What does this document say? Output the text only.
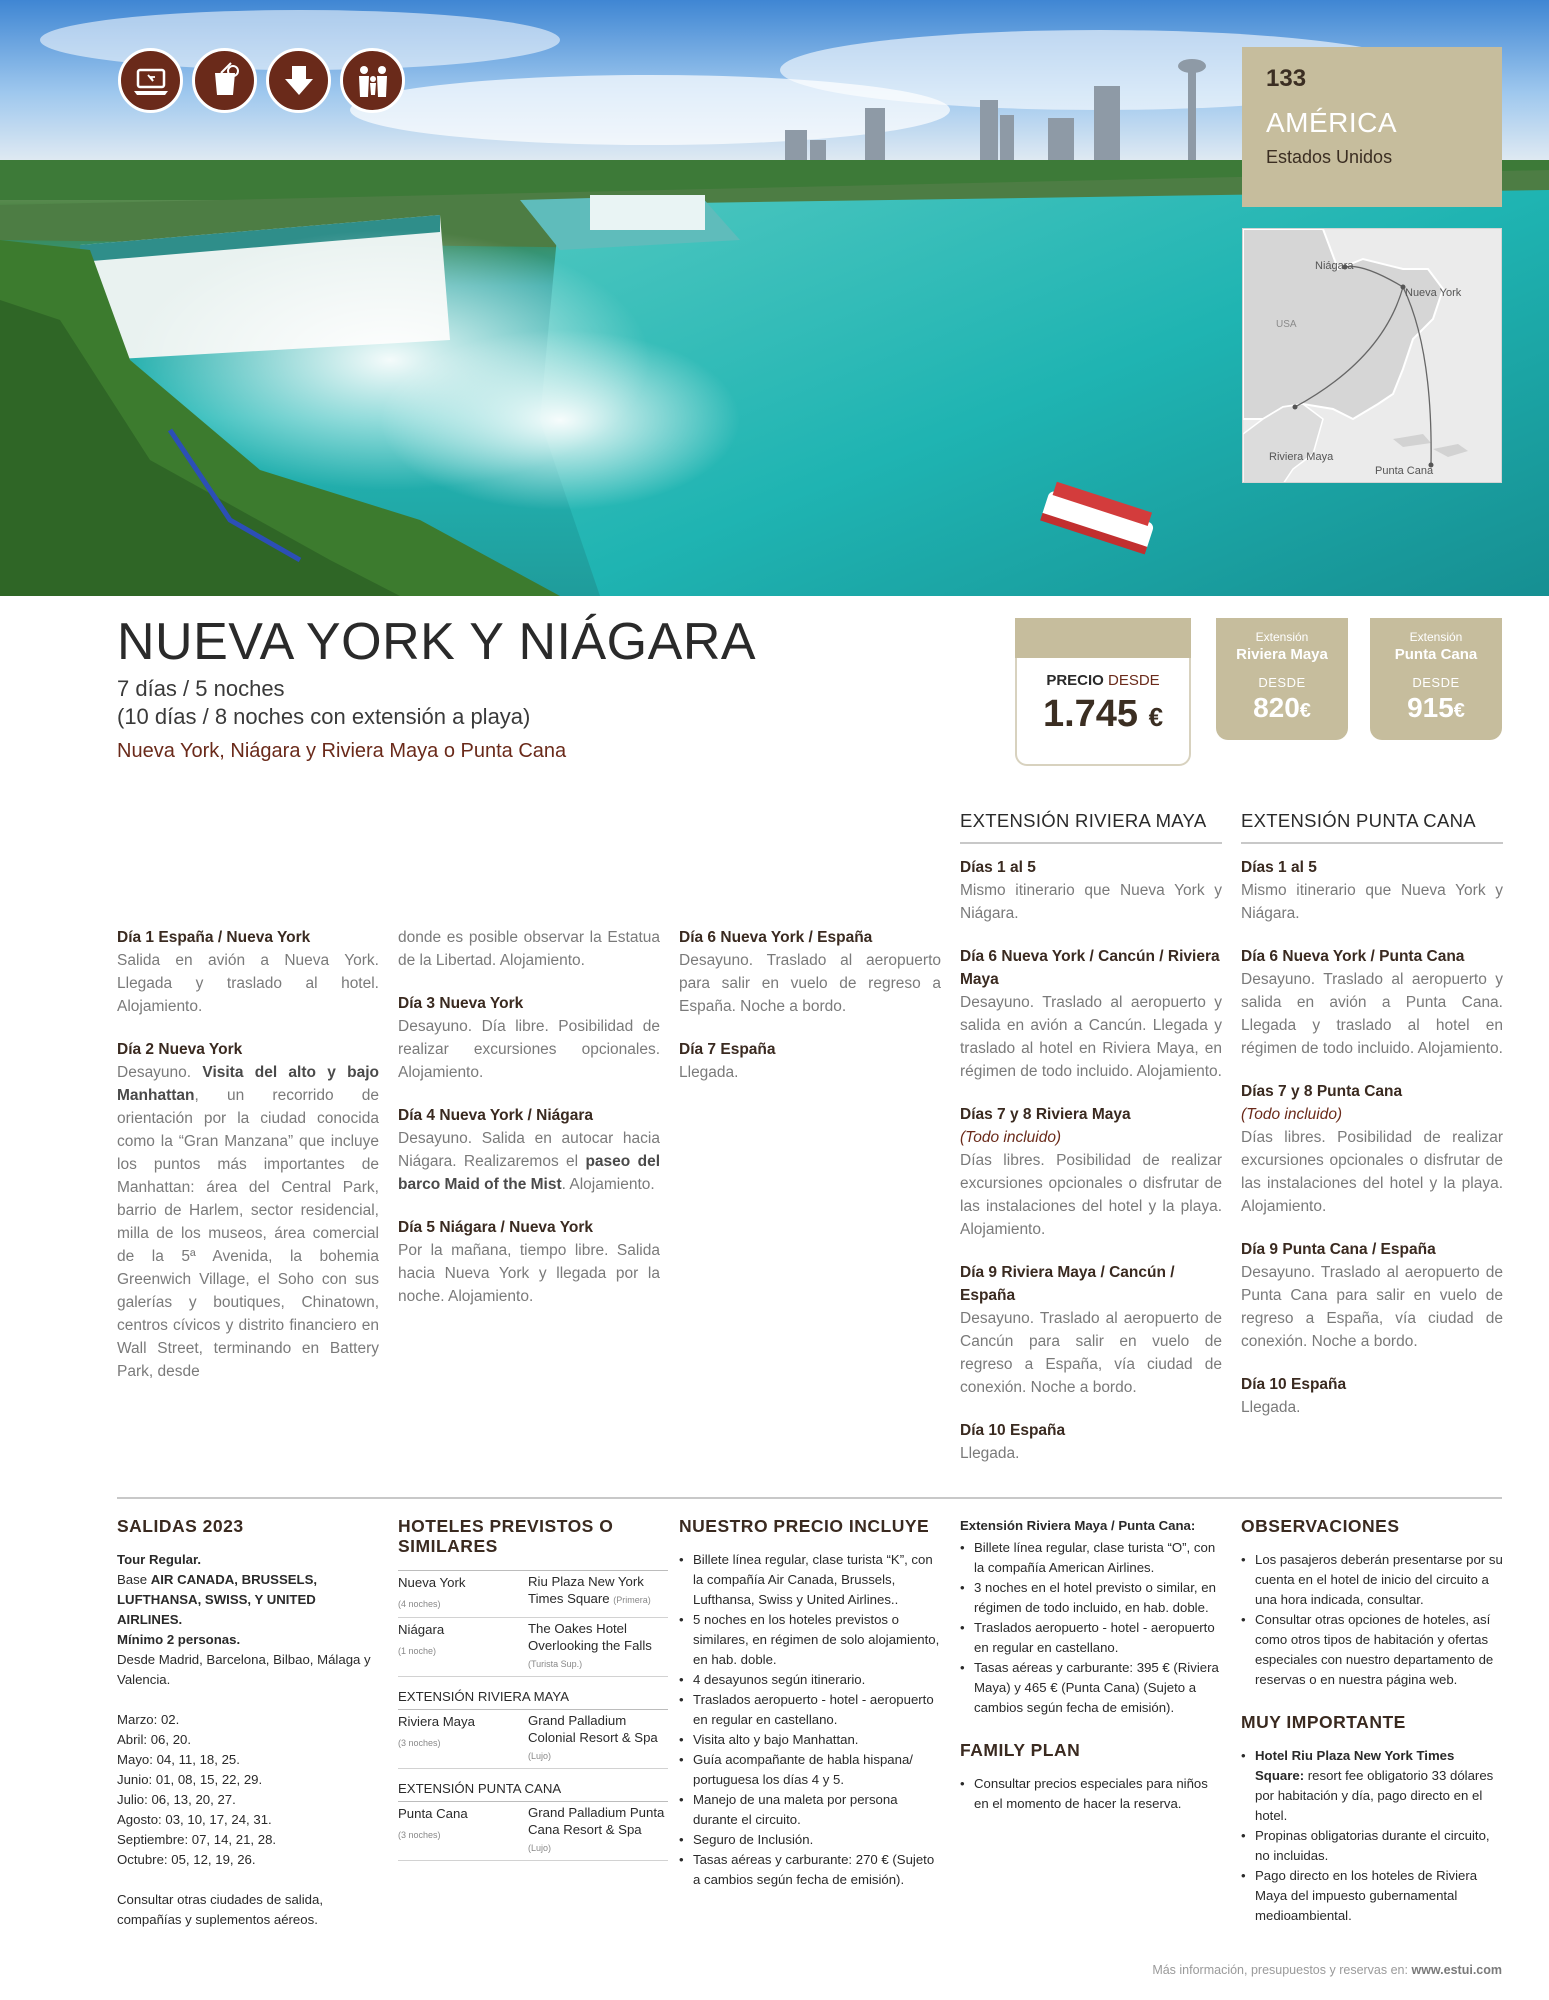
133
AMÉRICA
Estados Unidos
Niágara
Nueva York
USA
Riviera Maya
Punta Cana
NUEVA YORK Y NIÁGARA
7 días / 5 noches
(10 días / 8 noches con extensión a playa)
Nueva York, Niágara y Riviera Maya o Punta Cana
PRECIO DESDE
1.745 €
Extensión
Riviera Maya
DESDE
820€
Extensión
Punta Cana
DESDE
915€
Día 1 España / Nueva York
Salida en avión a Nueva York. Llegada y traslado al hotel. Alojamiento.
Día 2 Nueva York
Desayuno. Visita del alto y bajo Manhattan, un recorrido de orientación por la ciudad conocida como la “Gran Manzana” que incluye los puntos más importantes de Manhattan: área del Central Park, barrio de Harlem, sector residencial, milla de los museos, área comercial de la 5ª Avenida, la bohemia Greenwich Village, el Soho con sus galerías y boutiques, Chinatown, centros cívicos y distrito financiero en Wall Street, terminando en Battery Park, desde
donde es posible observar la Estatua de la Libertad. Alojamiento.
Día 3 Nueva York
Desayuno. Día libre. Posibilidad de realizar excursiones opcionales. Alojamiento.
Día 4 Nueva York / Niágara
Desayuno. Salida en autocar hacia Niágara. Realizaremos el paseo del barco Maid of the Mist. Alojamiento.
Día 5 Niágara / Nueva York
Por la mañana, tiempo libre. Salida hacia Nueva York y llegada por la noche. Alojamiento.
Día 6 Nueva York / España
Desayuno. Traslado al aeropuerto para salir en vuelo de regreso a España. Noche a bordo.
Día 7 España
Llegada.
EXTENSIÓN RIVIERA MAYA
Días 1 al 5
Mismo itinerario que Nueva York y Niágara.
Día 6 Nueva York / Cancún / Riviera Maya
Desayuno. Traslado al aeropuerto y salida en avión a Cancún. Llegada y traslado al hotel en Riviera Maya, en régimen de todo incluido. Alojamiento.
Días 7 y 8 Riviera Maya
(Todo incluido)
Días libres. Posibilidad de realizar excursiones opcionales o disfrutar de las instalaciones del hotel y la playa. Alojamiento.
Día 9 Riviera Maya / Cancún / España
Desayuno. Traslado al aeropuerto de Cancún para salir en vuelo de regreso a España, vía ciudad de conexión. Noche a bordo.
Día 10 España
Llegada.
EXTENSIÓN PUNTA CANA
Días 1 al 5
Mismo itinerario que Nueva York y Niágara.
Día 6 Nueva York / Punta Cana
Desayuno. Traslado al aeropuerto y salida en avión a Punta Cana. Llegada y traslado al hotel en régimen de todo incluido. Alojamiento.
Días 7 y 8 Punta Cana
(Todo incluido)
Días libres. Posibilidad de realizar excursiones opcionales o disfrutar de las instalaciones del hotel y la playa. Alojamiento.
Día 9 Punta Cana / España
Desayuno. Traslado al aeropuerto de Punta Cana para salir en vuelo de regreso a España, vía ciudad de conexión. Noche a bordo.
Día 10 España
Llegada.
SALIDAS 2023
Tour Regular.
Base AIR CANADA, BRUSSELS, LUFTHANSA, SWISS, Y UNITED AIRLINES.
Mínimo 2 personas.
Desde Madrid, Barcelona, Bilbao, Málaga y Valencia.
Marzo: 02.
Abril: 06, 20.
Mayo: 04, 11, 18, 25.
Junio: 01, 08, 15, 22, 29.
Julio: 06, 13, 20, 27.
Agosto: 03, 10, 17, 24, 31.
Septiembre: 07, 14, 21, 28.
Octubre: 05, 12, 19, 26.
Consultar otras ciudades de salida, compañías y suplementos aéreos.
HOTELES PREVISTOS O SIMILARES
Nueva York
(4 noches)
Riu Plaza New York Times Square (Primera)
Niágara
(1 noche)
The Oakes Hotel Overlooking the Falls
(Turista Sup.)
EXTENSIÓN RIVIERA MAYA
Riviera Maya
(3 noches)
Grand Palladium Colonial Resort & Spa (Lujo)
EXTENSIÓN PUNTA CANA
Punta Cana
(3 noches)
Grand Palladium Punta Cana Resort & Spa (Lujo)
NUESTRO PRECIO INCLUYE
• Billete línea regular, clase turista “K”, con la compañía Air Canada, Brussels, Lufthansa, Swiss y United Airlines..
• 5 noches en los hoteles previstos o similares, en régimen de solo alojamiento, en hab. doble.
• 4 desayunos según itinerario.
• Traslados aeropuerto - hotel - aeropuerto en regular en castellano.
• Visita alto y bajo Manhattan.
• Guía acompañante de habla hispana/ portuguesa los días 4 y 5.
• Manejo de una maleta por persona durante el circuito.
• Seguro de Inclusión.
• Tasas aéreas y carburante: 270 € (Sujeto a cambios según fecha de emisión).
Extensión Riviera Maya / Punta Cana:
• Billete línea regular, clase turista “O”, con la compañía American Airlines.
• 3 noches en el hotel previsto o similar, en régimen de todo incluido, en hab. doble.
• Traslados aeropuerto - hotel - aeropuerto en regular en castellano.
• Tasas aéreas y carburante: 395 € (Riviera Maya) y 465 € (Punta Cana) (Sujeto a cambios según fecha de emisión).
FAMILY PLAN
• Consultar precios especiales para niños en el momento de hacer la reserva.
OBSERVACIONES
• Los pasajeros deberán presentarse por su cuenta en el hotel de inicio del circuito a una hora indicada, consultar.
• Consultar otras opciones de hoteles, así como otros tipos de habitación y ofertas especiales con nuestro departamento de reservas o en nuestra página web.
MUY IMPORTANTE
• Hotel Riu Plaza New York Times Square: resort fee obligatorio 33 dólares por habitación y día, pago directo en el hotel.
• Propinas obligatorias durante el circuito, no incluidas.
• Pago directo en los hoteles de Riviera Maya del impuesto gubernamental medioambiental.
Más información, presupuestos y reservas en: www.estui.com
